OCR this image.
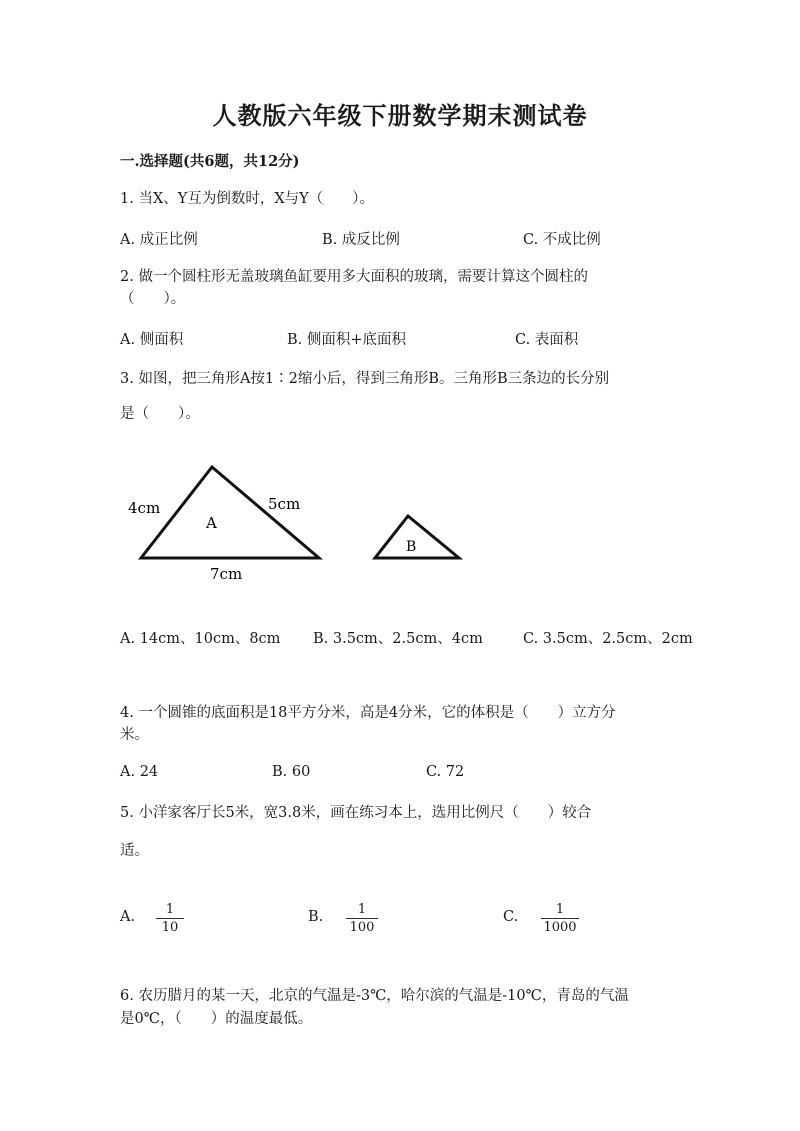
人教版六年级下册数学期末测试卷
一.选择题(共6题，共12分)
1. 当X、Y互为倒数时，X与Y（　　）。
A. 成正比例	B. 成反比例	C. 不成比例
2. 做一个圆柱形无盖玻璃鱼缸要用多大面积的玻璃，需要计算这个圆柱的
（　　）。
A. 侧面积	B. 侧面积+底面积	C. 表面积
3. 如图，把三角形A按1∶2缩小后，得到三角形B。三角形B三条边的长分别
是（　　）。
4cm	5cm
A
7cm
B
A. 14cm、10cm、8cm B. 3.5cm、2.5cm、4cm	C. 3.5cm、2.5cm、2cm
4. 一个圆锥的底面积是18平方分米，高是4分米，它的体积是（　　）立方分
米。
A. 24	B. 60	C. 72
5. 小洋家客厅长5米，宽3.8米，画在练习本上，选用比例尺（　　）较合
适。
A.	1
10
B.	1
100
C.	1
1000
6. 农历腊月的某一天，北京的气温是-3℃，哈尔滨的气温是-10℃，青岛的气温
是0℃，（　　）的温度最低。
